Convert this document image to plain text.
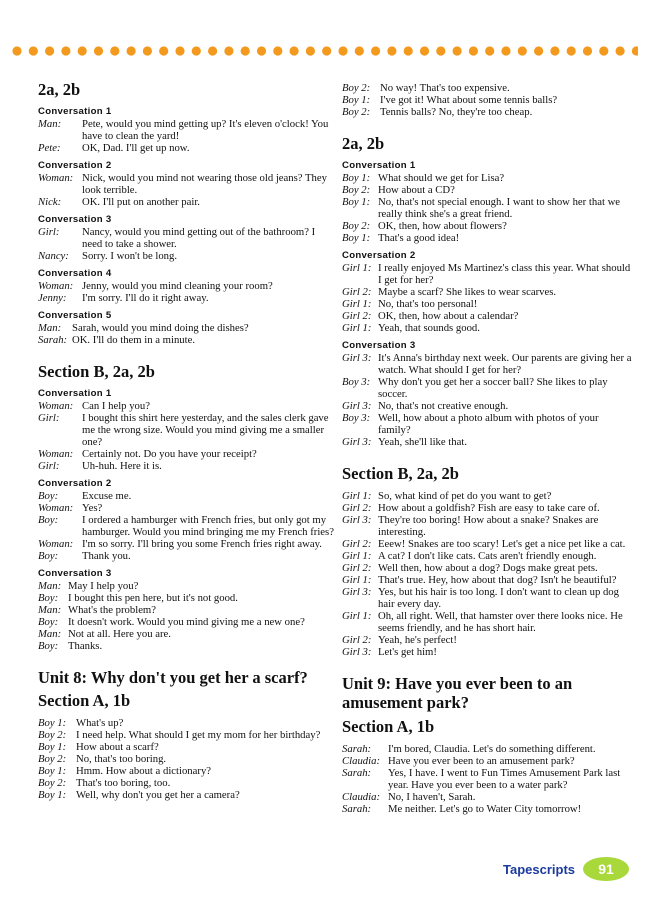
2a, 2b
Conversation 1
Man:	Pete, would you mind getting up? It's eleven o'clock! You have to clean the yard!
Pete:	OK, Dad. I'll get up now.
Conversation 2
Woman: Nick, would you mind not wearing those old jeans? They look terrible.
Nick:	OK. I'll put on another pair.
Conversation 3
Girl:	Nancy, would you mind getting out of the bathroom? I need to take a shower.
Nancy:	Sorry. I won't be long.
Conversation 4
Woman: Jenny, would you mind cleaning your room?
Jenny:	I'm sorry. I'll do it right away.
Conversation 5
Man:	Sarah, would you mind doing the dishes?
Sarah: OK. I'll do them in a minute.
Section B, 2a, 2b
Conversation 1
Woman: Can I help you?
Girl:	I bought this shirt here yesterday, and the sales clerk gave me the wrong size. Would you mind giving me a smaller one?
Woman: Certainly not. Do you have your receipt?
Girl:	Uh-huh. Here it is.
Conversation 2
Boy:	Excuse me.
Woman: Yes?
Boy:	I ordered a hamburger with French fries, but only got my hamburger. Would you mind bringing me my French fries?
Woman: I'm so sorry. I'll bring you some French fries right away.
Boy:	Thank you.
Conversation 3
Man: May I help you?
Boy: I bought this pen here, but it's not good.
Man: What's the problem?
Boy: It doesn't work. Would you mind giving me a new one?
Man: Not at all. Here you are.
Boy: Thanks.
Unit 8: Why don't you get her a scarf?
Section A, 1b
Boy 1: What's up?
Boy 2: I need help. What should I get my mom for her birthday?
Boy 1: How about a scarf?
Boy 2: No, that's too boring.
Boy 1: Hmm. How about a dictionary?
Boy 2: That's too boring, too.
Boy 1: Well, why don't you get her a camera?
Boy 2: No way! That's too expensive.
Boy 1: I've got it! What about some tennis balls?
Boy 2: Tennis balls? No, they're too cheap.
2a, 2b
Conversation 1
Boy 1: What should we get for Lisa?
Boy 2: How about a CD?
Boy 1: No, that's not special enough. I want to show her that we really think she's a great friend.
Boy 2: OK, then, how about flowers?
Boy 1: That's a good idea!
Conversation 2
Girl 1: I really enjoyed Ms Martinez's class this year. What should I get for her?
Girl 2: Maybe a scarf? She likes to wear scarves.
Girl 1: No, that's too personal!
Girl 2: OK, then, how about a calendar?
Girl 1: Yeah, that sounds good.
Conversation 3
Girl 3: It's Anna's birthday next week. Our parents are giving her a watch. What should I get for her?
Boy 3: Why don't you get her a soccer ball? She likes to play soccer.
Girl 3: No, that's not creative enough.
Boy 3: Well, how about a photo album with photos of your family?
Girl 3: Yeah, she'll like that.
Section B, 2a, 2b
Girl 1: So, what kind of pet do you want to get?
Girl 2: How about a goldfish? Fish are easy to take care of.
Girl 3: They're too boring! How about a snake? Snakes are interesting.
Girl 2: Eeew! Snakes are too scary! Let's get a nice pet like a cat.
Girl 1: A cat? I don't like cats. Cats aren't friendly enough.
Girl 2: Well then, how about a dog? Dogs make great pets.
Girl 1: That's true. Hey, how about that dog? Isn't he beautiful?
Girl 3: Yes, but his hair is too long. I don't want to clean up dog hair every day.
Girl 1: Oh, all right. Well, that hamster over there looks nice. He seems friendly, and he has short hair.
Girl 2: Yeah, he's perfect!
Girl 3: Let's get him!
Unit 9: Have you ever been to an amusement park?
Section A, 1b
Sarah:	I'm bored, Claudia. Let's do something different.
Claudia: Have you ever been to an amusement park?
Sarah:	Yes, I have. I went to Fun Times Amusement Park last year. Have you ever been to a water park?
Claudia: No, I haven't, Sarah.
Sarah:	Me neither. Let's go to Water City tomorrow!
Tapescripts 91
